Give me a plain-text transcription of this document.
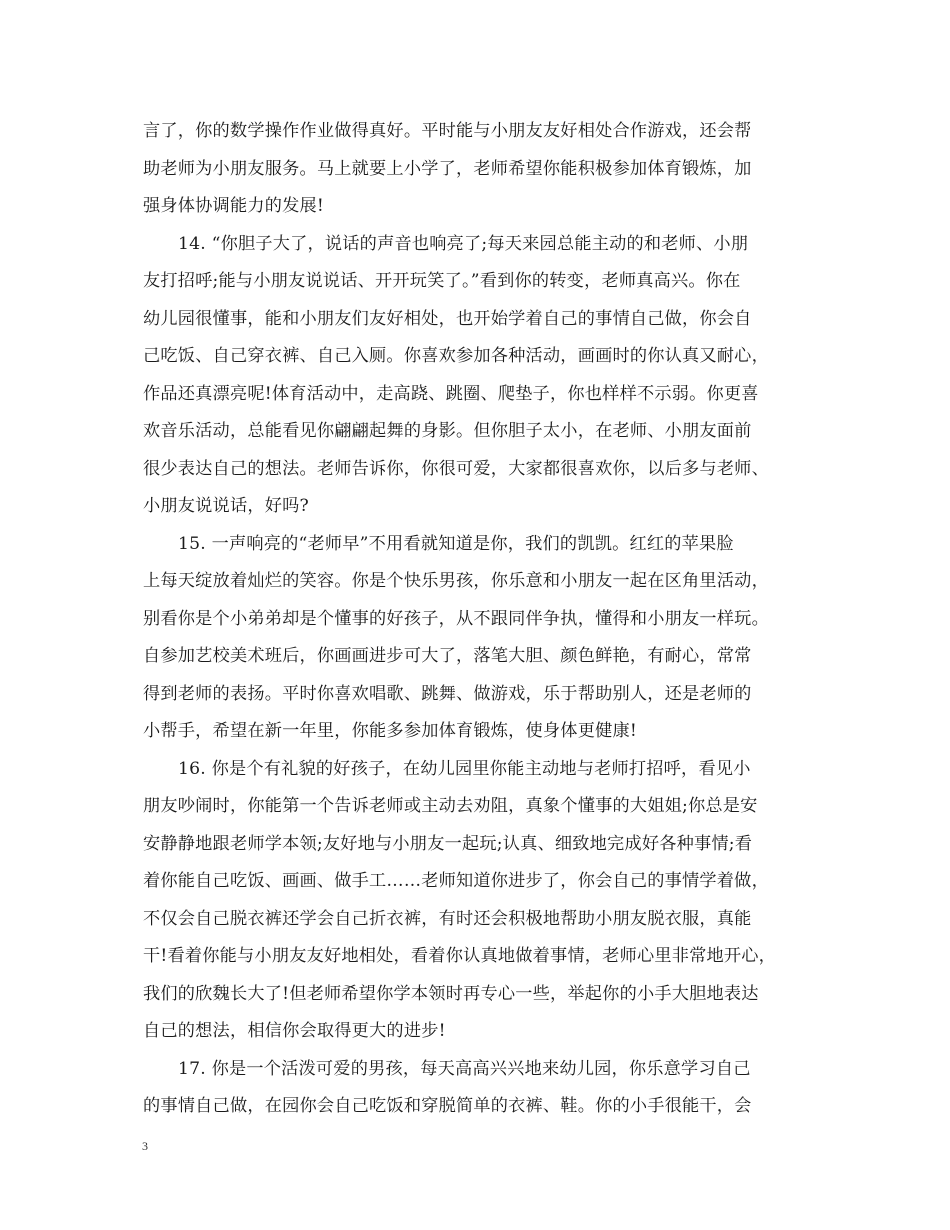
言了，你的数学操作作业做得真好。平时能与小朋友友好相处合作游戏，还会帮
助老师为小朋友服务。马上就要上小学了，老师希望你能积极参加体育锻炼，加
强身体协调能力的发展!
14. “你胆子大了，说话的声音也响亮了;每天来园总能主动的和老师、小朋
友打招呼;能与小朋友说说话、开开玩笑了。”看到你的转变，老师真高兴。你在
幼儿园很懂事，能和小朋友们友好相处，也开始学着自己的事情自己做，你会自
己吃饭、自己穿衣裤、自己入厕。你喜欢参加各种活动，画画时的你认真又耐心，
作品还真漂亮呢!体育活动中，走高跷、跳圈、爬垫子，你也样样不示弱。你更喜
欢音乐活动，总能看见你翩翩起舞的身影。但你胆子太小，在老师、小朋友面前
很少表达自己的想法。老师告诉你，你很可爱，大家都很喜欢你，以后多与老师、
小朋友说说话，好吗?
15. 一声响亮的“老师早”不用看就知道是你，我们的凯凯。红红的苹果脸
上每天绽放着灿烂的笑容。你是个快乐男孩，你乐意和小朋友一起在区角里活动，
别看你是个小弟弟却是个懂事的好孩子，从不跟同伴争执，懂得和小朋友一样玩。
自参加艺校美术班后，你画画进步可大了，落笔大胆、颜色鲜艳，有耐心，常常
得到老师的表扬。平时你喜欢唱歌、跳舞、做游戏，乐于帮助别人，还是老师的
小帮手，希望在新一年里，你能多参加体育锻炼，使身体更健康!
16. 你是个有礼貌的好孩子，在幼儿园里你能主动地与老师打招呼，看见小
朋友吵闹时，你能第一个告诉老师或主动去劝阻，真象个懂事的大姐姐;你总是安
安静静地跟老师学本领;友好地与小朋友一起玩;认真、细致地完成好各种事情;看
着你能自己吃饭、画画、做手工……老师知道你进步了，你会自己的事情学着做，
不仅会自己脱衣裤还学会自己折衣裤，有时还会积极地帮助小朋友脱衣服，真能
干!看着你能与小朋友友好地相处，看着你认真地做着事情，老师心里非常地开心，
我们的欣魏长大了!但老师希望你学本领时再专心一些，举起你的小手大胆地表达
自己的想法，相信你会取得更大的进步!
17. 你是一个活泼可爱的男孩，每天高高兴兴地来幼儿园，你乐意学习自己
的事情自己做，在园你会自己吃饭和穿脱简单的衣裤、鞋。你的小手很能干，会
3
